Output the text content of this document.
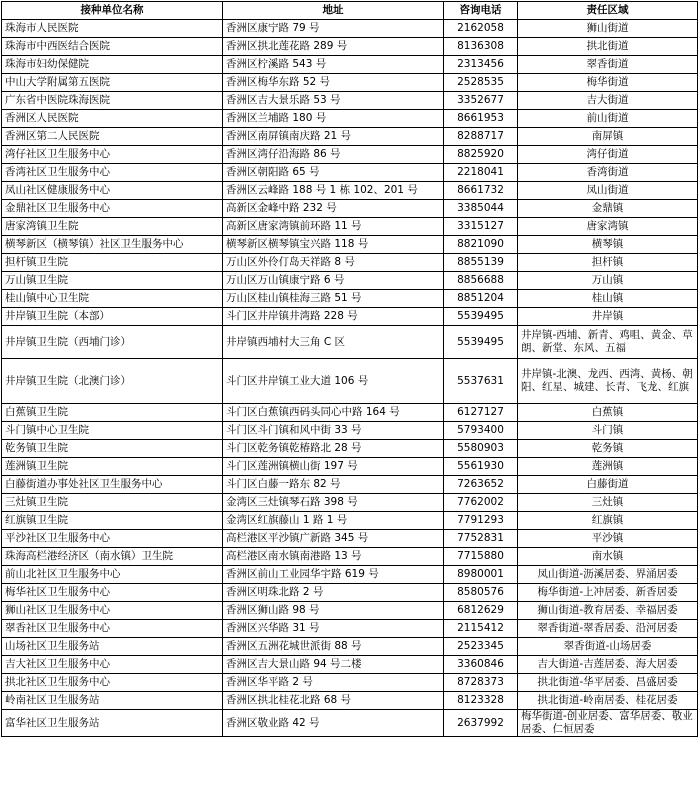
接种单位名称	地址	咨询电话	责任区域
珠海市人民医院	香洲区康宁路 79 号	2162058	狮山街道
珠海市中西医结合医院	香洲区拱北莲花路 289 号	8136308	拱北街道
珠海市妇幼保健院	香洲区柠溪路 543 号	2313456	翠香街道
中山大学附属第五医院	香洲区梅华东路 52 号	2528535	梅华街道
广东省中医院珠海医院	香洲区吉大景乐路 53 号	3352677	吉大街道
香洲区人民医院	香洲区兰埔路 180 号	8661953	前山街道
香洲区第二人民医院	香洲区南屏镇南庆路 21 号	8288717	南屏镇
湾仔社区卫生服务中心	香洲区湾仔沿海路 86 号	8825920	湾仔街道
香湾社区卫生服务中心	香洲区朝阳路 65 号	2218041	香湾街道
凤山社区健康服务中心	香洲区云峰路 188 号 1 栋 102、201 号	8661732	凤山街道
金鼎社区卫生服务中心	高新区金峰中路 232 号	3385044	金鼎镇
唐家湾镇卫生院	高新区唐家湾镇前环路 11 号	3315127	唐家湾镇
横琴新区（横琴镇）社区卫生服务中心	横琴新区横琴镇宝兴路 118 号	8821090	横琴镇
担杆镇卫生院	万山区外伶仃岛天祥路 8 号	8855139	担杆镇
万山镇卫生院	万山区万山镇康宁路 6 号	8856688	万山镇
桂山镇中心卫生院	万山区桂山镇桂海三路 51 号	8851204	桂山镇
井岸镇卫生院（本部）	斗门区井岸镇井湾路 228 号	5539495	井岸镇
井岸镇卫生院（西埔门诊）	井岸镇西埔村大三角 C 区	5539495	井岸镇-西埔、新青、鸡咀、黄金、草朗、新堂、东风、五福
井岸镇卫生院（北澳门诊）	斗门区井岸镇工业大道 106 号	5537631	井岸镇-北澳、龙西、西湾、黄杨、朝阳、红星、城建、长青、飞龙、红旗
白蕉镇卫生院	斗门区白蕉镇西码头同心中路 164 号	6127127	白蕉镇
斗门镇中心卫生院	斗门区斗门镇和风中街 33 号	5793400	斗门镇
乾务镇卫生院	斗门区乾务镇乾椿路北 28 号	5580903	乾务镇
莲洲镇卫生院	斗门区莲洲镇横山街 197 号	5561930	莲洲镇
白藤街道办事处社区卫生服务中心	斗门区白藤一路东 82 号	7263652	白藤街道
三灶镇卫生院	金湾区三灶镇琴石路 398 号	7762002	三灶镇
红旗镇卫生院	金湾区红旗藤山 1 路 1 号	7791293	红旗镇
平沙社区卫生服务中心	高栏港区平沙镇广新路 345 号	7752831	平沙镇
珠海高栏港经济区（南水镇）卫生院	高栏港区南水镇南港路 13 号	7715880	南水镇
前山北社区卫生服务中心	香洲区前山工业园华宇路 619 号	8980001	凤山街道-沥溪居委、界涌居委
梅华社区卫生服务中心	香洲区明珠北路 2 号	8580576	梅华街道-上冲居委、新香居委
狮山社区卫生服务中心	香洲区狮山路 98 号	6812629	狮山街道-教育居委、幸福居委
翠香社区卫生服务中心	香洲区兴华路 31 号	2115412	翠香街道-翠香居委、沿河居委
山场社区卫生服务站	香洲区五洲花城世派街 88 号	2523345	翠香街道-山场居委
吉大社区卫生服务中心	香洲区吉大景山路 94 号二楼	3360846	吉大街道-吉莲居委、海大居委
拱北社区卫生服务中心	香洲区华平路 2 号	8728373	拱北街道-华平居委、昌盛居委
岭南社区卫生服务站	香洲区拱北桂花北路 68 号	8123328	拱北街道-岭南居委、桂花居委
富华社区卫生服务站	香洲区敬业路 42 号	2637992	梅华街道-创业居委、富华居委、敬业居委、仁恒居委
